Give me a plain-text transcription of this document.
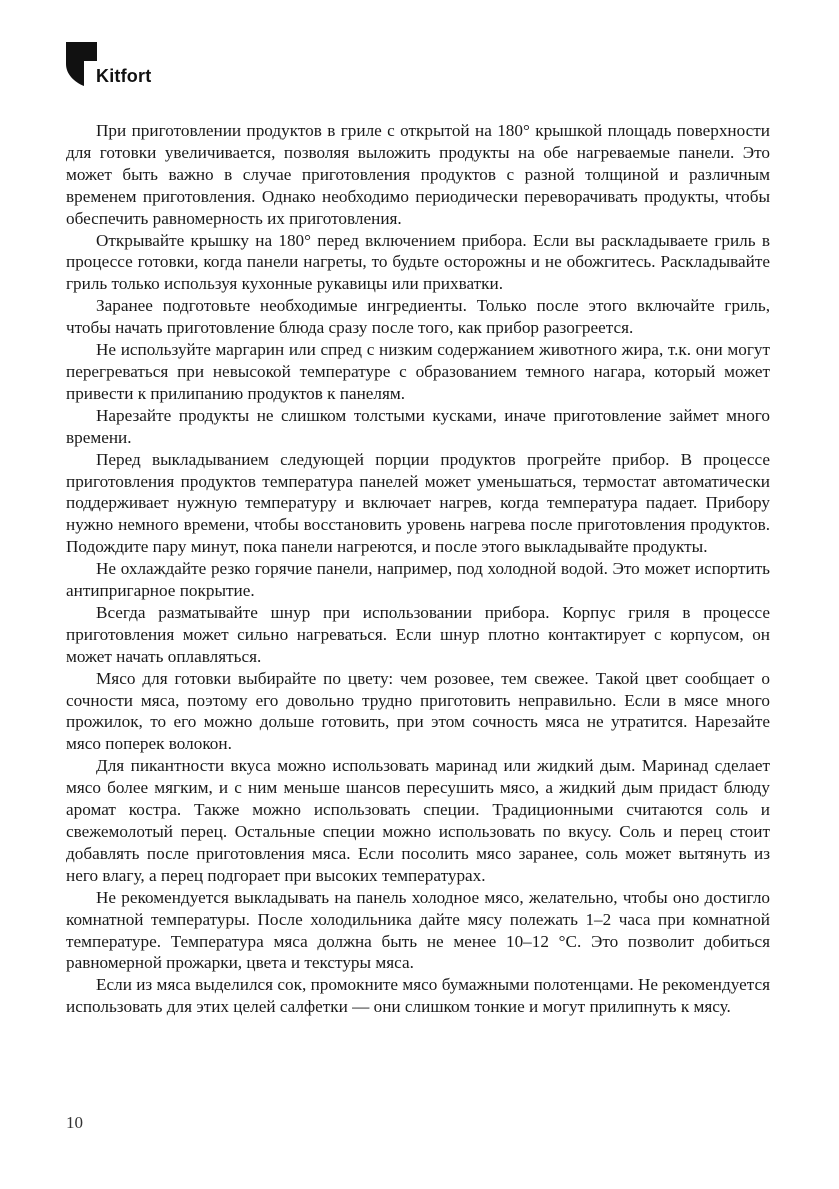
Kitfort

При приготовлении продуктов в гриле с открытой на 180° крышкой площадь поверхности для готовки увеличивается, позволяя выложить продукты на обе нагреваемые панели. Это может быть важно в случае приготовления продуктов с разной толщиной и различным временем приготовления. Однако необходимо периодически переворачивать продукты, чтобы обеспечить равномерность их приготовления.

Открывайте крышку на 180° перед включением прибора. Если вы раскладываете гриль в процессе готовки, когда панели нагреты, то будьте осторожны и не обожгитесь. Раскладывайте гриль только используя кухонные рукавицы или прихватки.

Заранее подготовьте необходимые ингредиенты. Только после этого включайте гриль, чтобы начать приготовление блюда сразу после того, как прибор разогреется.

Не используйте маргарин или спред с низким содержанием животного жира, т.к. они могут перегреваться при невысокой температуре с образованием темного нагара, который может привести к прилипанию продуктов к панелям.

Нарезайте продукты не слишком толстыми кусками, иначе приготовление займет много времени.

Перед выкладыванием следующей порции продуктов прогрейте прибор. В процессе приготовления продуктов температура панелей может уменьшаться, термостат автоматически поддерживает нужную температуру и включает нагрев, когда температура падает. Прибору нужно немного времени, чтобы восстановить уровень нагрева после приготовления продуктов. Подождите пару минут, пока панели нагреются, и после этого выкладывайте продукты.

Не охлаждайте резко горячие панели, например, под холодной водой. Это может испортить антипригарное покрытие.

Всегда разматывайте шнур при использовании прибора. Корпус гриля в процессе приготовления может сильно нагреваться. Если шнур плотно контактирует с корпусом, он может начать оплавляться.

Мясо для готовки выбирайте по цвету: чем розовее, тем свежее. Такой цвет сообщает о сочности мяса, поэтому его довольно трудно приготовить неправильно. Если в мясе много прожилок, то его можно дольше готовить, при этом сочность мяса не утратится. Нарезайте мясо поперек волокон.

Для пикантности вкуса можно использовать маринад или жидкий дым. Маринад сделает мясо более мягким, и с ним меньше шансов пересушить мясо, а жидкий дым придаст блюду аромат костра. Также можно использовать специи. Традиционными считаются соль и свежемолотый перец. Остальные специи можно использовать по вкусу. Соль и перец стоит добавлять после приготовления мяса. Если посолить мясо заранее, соль может вытянуть из него влагу, а перец подгорает при высоких температурах.

Не рекомендуется выкладывать на панель холодное мясо, желательно, чтобы оно достигло комнатной температуры. После холодильника дайте мясу полежать 1–2 часа при комнатной температуре. Температура мяса должна быть не менее 10–12 °C. Это позволит добиться равномерной прожарки, цвета и текстуры мяса.

Если из мяса выделился сок, промокните мясо бумажными полотенцами. Не рекомендуется использовать для этих целей салфетки — они слишком тонкие и могут прилипнуть к мясу.

10
